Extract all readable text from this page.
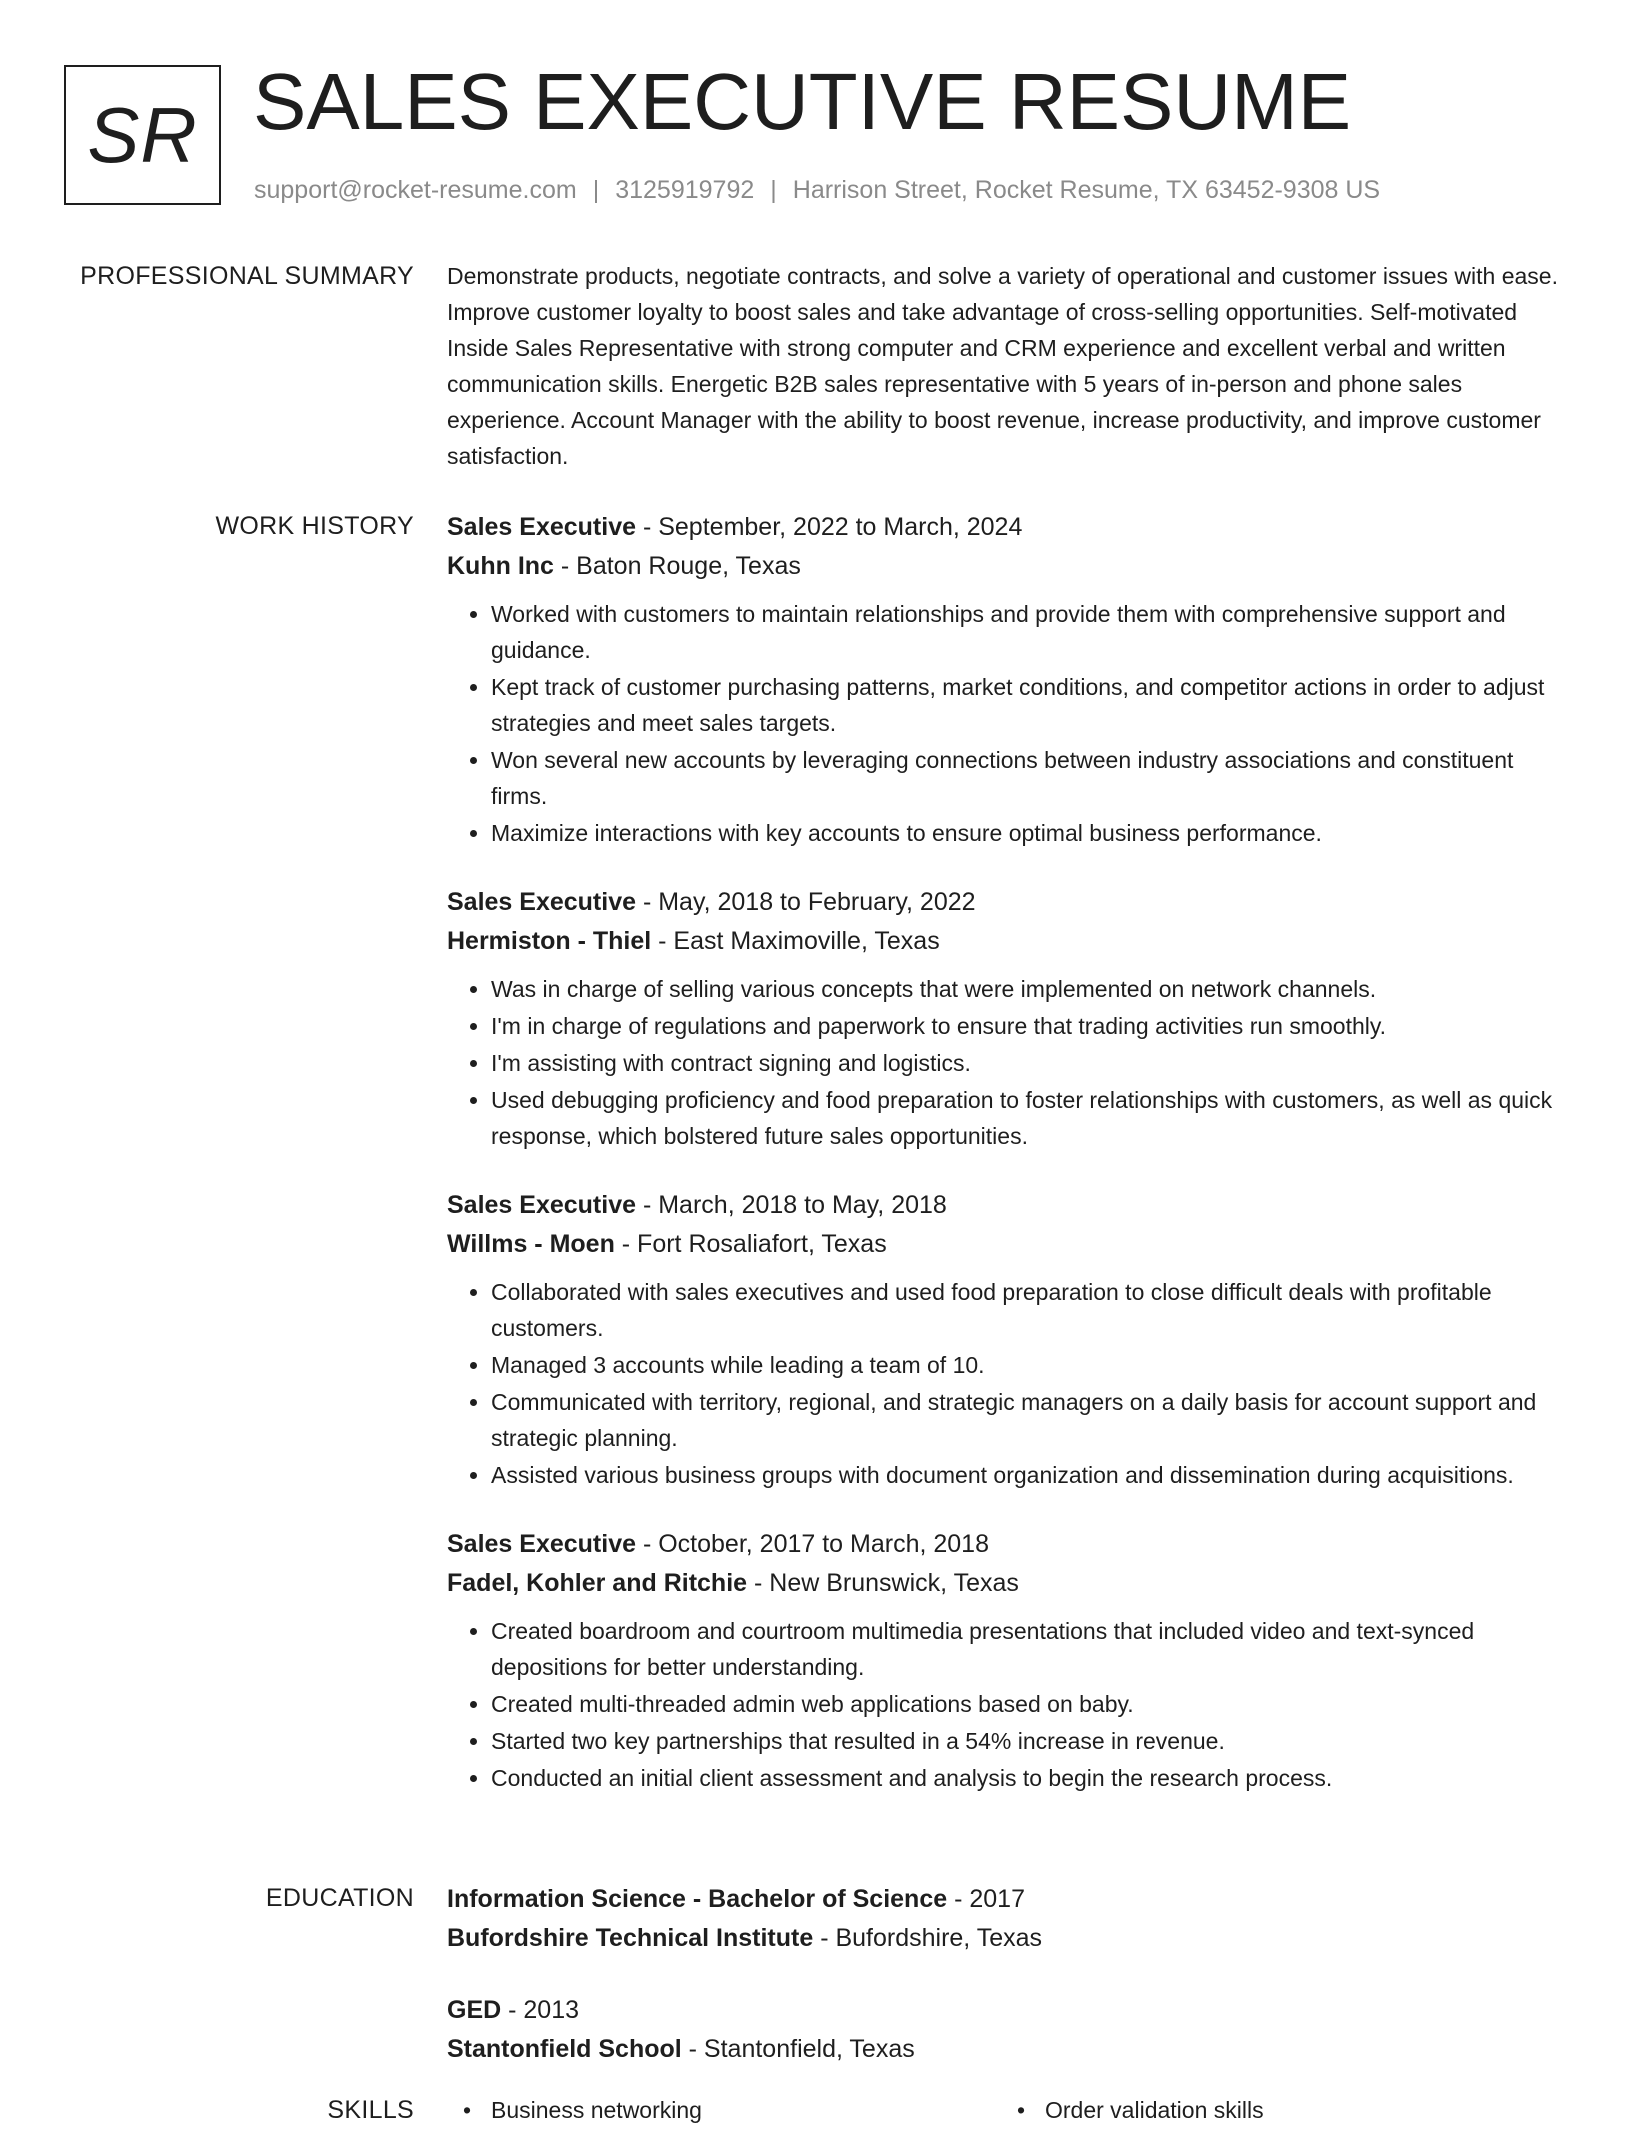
SR SALES EXECUTIVE RESUME
support@rocket-resume.com | 3125919792 | Harrison Street, Rocket Resume, TX 63452-9308 US
PROFESSIONAL SUMMARY Demonstrate products, negotiate contracts, and solve a variety of operational and customer issues with ease. Improve customer loyalty to boost sales and take advantage of cross-selling opportunities. Self-motivated Inside Sales Representative with strong computer and CRM experience and excellent verbal and written communication skills. Energetic B2B sales representative with 5 years of in-person and phone sales experience. Account Manager with the ability to boost revenue, increase productivity, and improve customer satisfaction.

WORK HISTORY Sales Executive - September, 2022 to March, 2024
Kuhn Inc - Baton Rouge, Texas
• Worked with customers to maintain relationships and provide them with comprehensive support and guidance.
• Kept track of customer purchasing patterns, market conditions, and competitor actions in order to adjust strategies and meet sales targets.
• Won several new accounts by leveraging connections between industry associations and constituent firms.
• Maximize interactions with key accounts to ensure optimal business performance.
Sales Executive - May, 2018 to February, 2022
Hermiston - Thiel - East Maximoville, Texas
• Was in charge of selling various concepts that were implemented on network channels.
• I'm in charge of regulations and paperwork to ensure that trading activities run smoothly.
• I'm assisting with contract signing and logistics.
• Used debugging proficiency and food preparation to foster relationships with customers, as well as quick response, which bolstered future sales opportunities.
Sales Executive - March, 2018 to May, 2018
Willms - Moen - Fort Rosaliafort, Texas
• Collaborated with sales executives and used food preparation to close difficult deals with profitable customers.
• Managed 3 accounts while leading a team of 10.
• Communicated with territory, regional, and strategic managers on a daily basis for account support and strategic planning.
• Assisted various business groups with document organization and dissemination during acquisitions.
Sales Executive - October, 2017 to March, 2018
Fadel, Kohler and Ritchie - New Brunswick, Texas
• Created boardroom and courtroom multimedia presentations that included video and text-synced depositions for better understanding.
• Created multi-threaded admin web applications based on baby.
• Started two key partnerships that resulted in a 54% increase in revenue.
• Conducted an initial client assessment and analysis to begin the research process.
EDUCATION Information Science - Bachelor of Science - 2017
Bufordshire Technical Institute - Bufordshire, Texas
GED - 2013
Stantonfield School - Stantonfield, Texas
SKILLS	• Business networking	• Order validation skills
